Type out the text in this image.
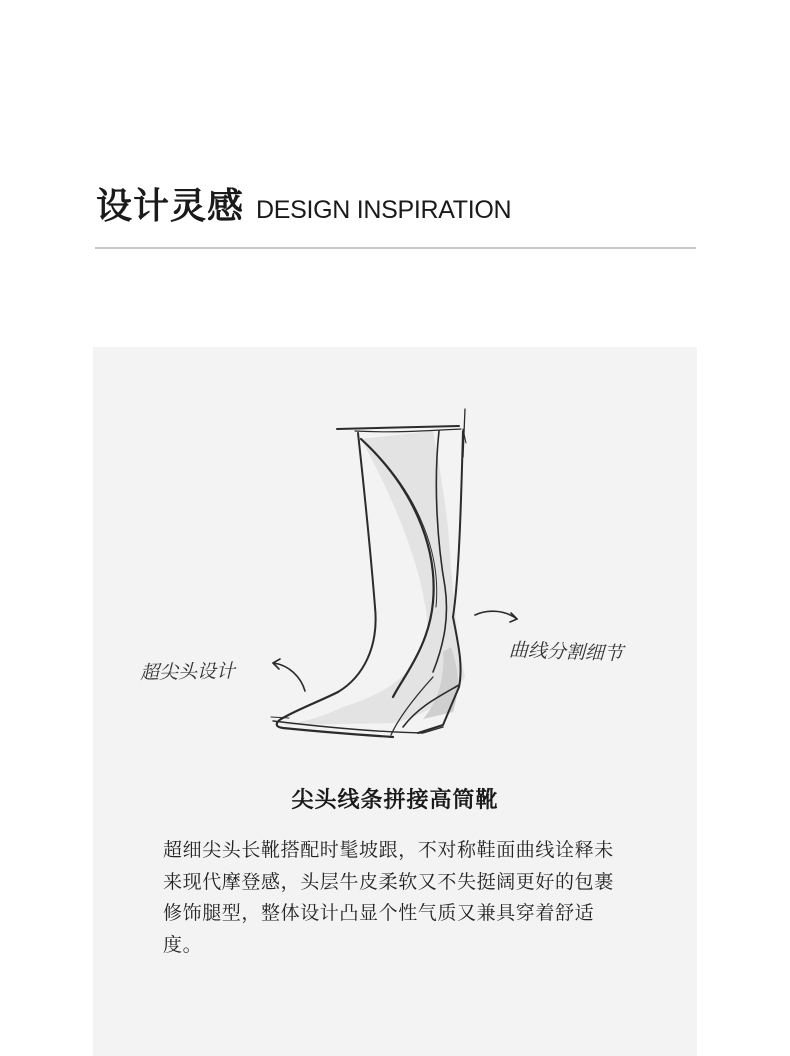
设计灵感 DESIGN INSPIRATION
超尖头设计
曲线分割细节
尖头线条拼接高筒靴
超细尖头长靴搭配时髦坡跟，不对称鞋面曲线诠释未来现代摩登感，头层牛皮柔软又不失挺阔更好的包裹修饰腿型，整体设计凸显个性气质又兼具穿着舒适度。
